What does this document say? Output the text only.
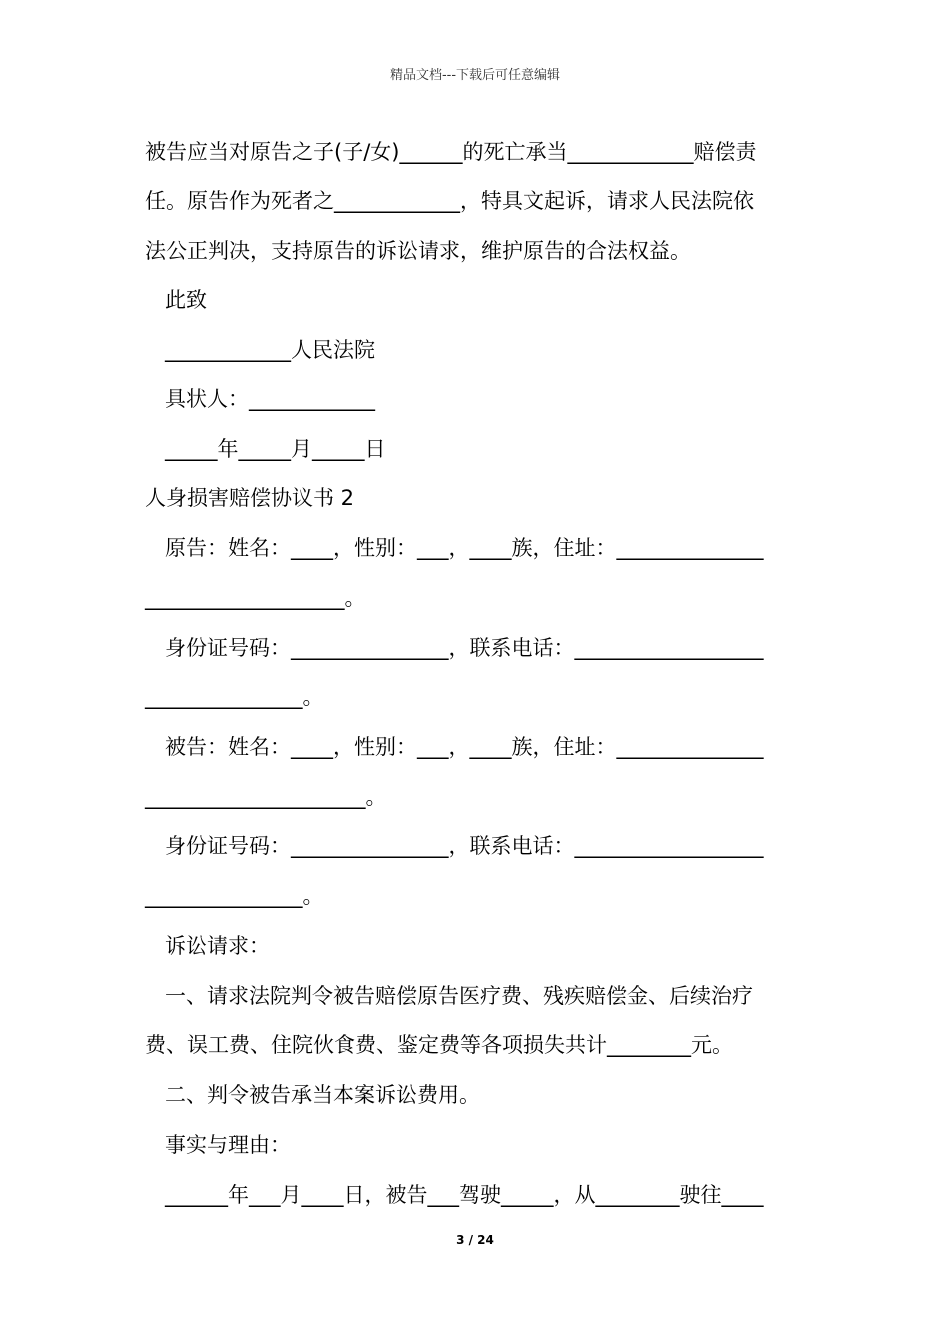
精品文档---下载后可任意编辑
被告应当对原告之子(子/女)______的死亡承当____________赔偿责
任。原告作为死者之____________，特具文起诉，请求人民法院依
法公正判决，支持原告的诉讼请求，维护原告的合法权益。
此致
____________人民法院
具状人：____________
_____年_____月_____日
人身损害赔偿协议书 2
原告：姓名：____，性别：___，____族，住址：______________
___________________。
身份证号码：_______________，联系电话：__________________
_______________。
被告：姓名：____，性别：___，____族，住址：______________
_____________________。
身份证号码：_______________，联系电话：__________________
_______________。
诉讼请求：
一、请求法院判令被告赔偿原告医疗费、残疾赔偿金、后续治疗
费、误工费、住院伙食费、鉴定费等各项损失共计________元。
二、判令被告承当本案诉讼费用。
事实与理由：
______年___月____日，被告___驾驶_____，从________驶往____
3 / 24
